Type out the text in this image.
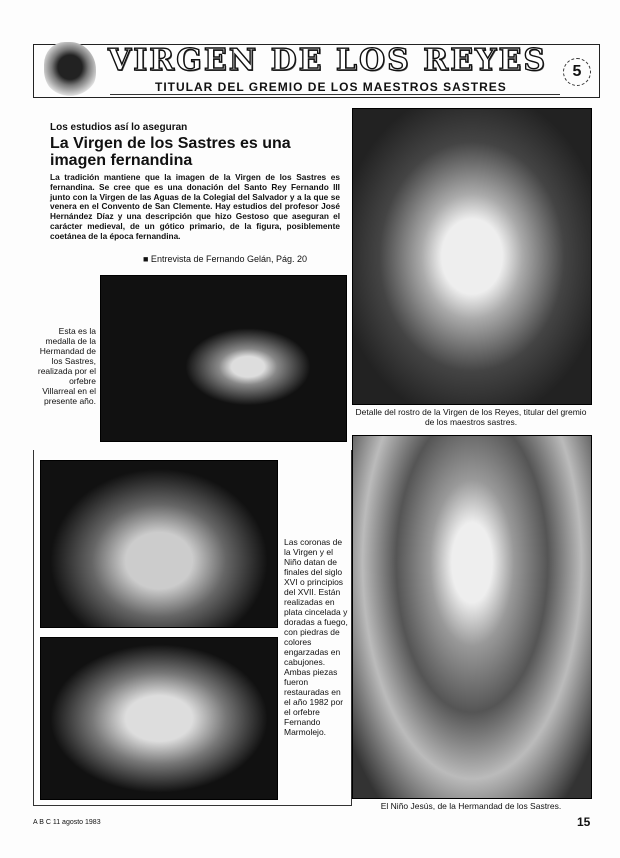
VIRGEN DE LOS REYES
TITULAR DEL GREMIO DE LOS MAESTROS SASTRES
5
Los estudios así lo aseguran
La Virgen de los Sastres es una imagen fernandina
La tradición mantiene que la imagen de la Virgen de los Sastres es fernandina. Se cree que es una donación del Santo Rey Fernando III junto con la Virgen de las Aguas de la Colegial del Salvador y a la que se venera en el Convento de San Clemente. Hay estudios del profesor José Hernández Díaz y una descripción que hizo Gestoso que aseguran el carácter medieval, de un gótico primario, de la figura, posiblemente coetánea de la época fernandina.
■ Entrevista de Fernando Gelán, Pág. 20
Esta es la medalla de la Hermandad de los Sastres, realizada por el orfebre Villarreal en el presente año.
Detalle del rostro de la Virgen de los Reyes, titular del gremio de los maestros sastres.
Las coronas de la Virgen y el Niño datan de finales del siglo XVI o principios del XVII. Están realizadas en plata cincelada y doradas a fuego, con piedras de colores engarzadas en cabujones. Ambas piezas fueron restauradas en el año 1982 por el orfebre Fernando Marmolejo.
El Niño Jesús, de la Hermandad de los Sastres.
A B C 11 agosto 1983	15
